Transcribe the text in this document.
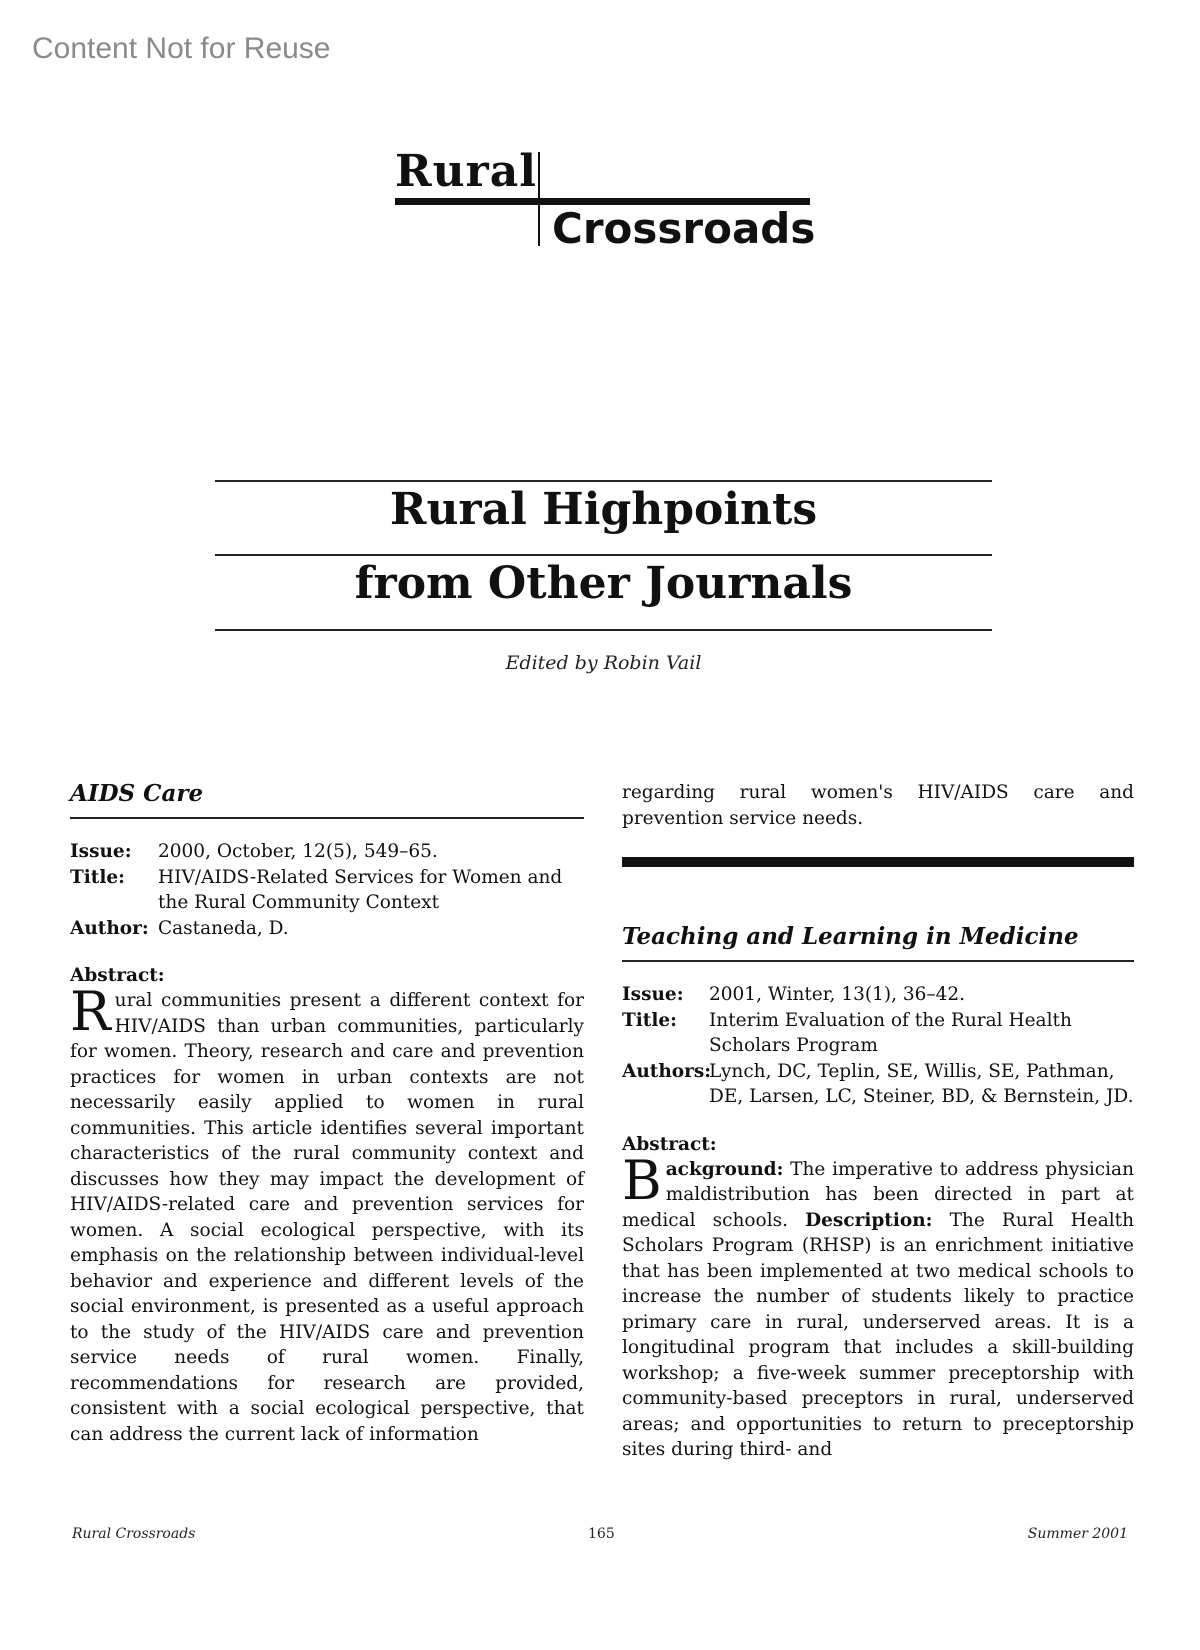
Content Not for Reuse
Rural
Crossroads
Rural Highpoints
from Other Journals
Edited by Robin Vail
AIDS Care
Issue:	2000, October, 12(5), 549–65.
Title:	HIV/AIDS-Related Services for Women and the Rural Community Context
Author: Castaneda, D.
Abstract:

Rural communities present a different context for HIV/AIDS than urban communities, particularly for women. Theory, research and care and prevention practices for women in urban contexts are not necessarily easily applied to women in rural communities. This article identifies several important characteristics of the rural community context and discusses how they may impact the development of HIV/AIDS-related care and prevention services for women. A social ecological perspective, with its emphasis on the relationship between individual-level behavior and experience and different levels of the social environment, is presented as a useful approach to the study of the HIV/AIDS care and prevention service needs of rural women. Finally, recommendations for research are provided, consistent with a social ecological perspective, that can address the current lack of information

regarding rural women's HIV/AIDS care and prevention service needs.

Teaching and Learning in Medicine
Issue:	2001, Winter, 13(1), 36–42.
Title:	Interim Evaluation of the Rural Health Scholars Program
Authors:
Lynch, DC, Teplin, SE, Willis, SE, Pathman, DE, Larsen, LC, Steiner, BD, & Bernstein, JD.
Abstract:

Background: The imperative to address physician maldistribution has been directed in part at medical schools. Description: The Rural Health Scholars Program (RHSP) is an enrichment initiative that has been implemented at two medical schools to increase the number of students likely to practice primary care in rural, underserved areas. It is a longitudinal program that includes a skill-building workshop; a five-week summer preceptorship with community-based preceptors in rural, underserved areas; and opportunities to return to preceptorship sites during third- and

Rural Crossroads	165	Summer 2001
